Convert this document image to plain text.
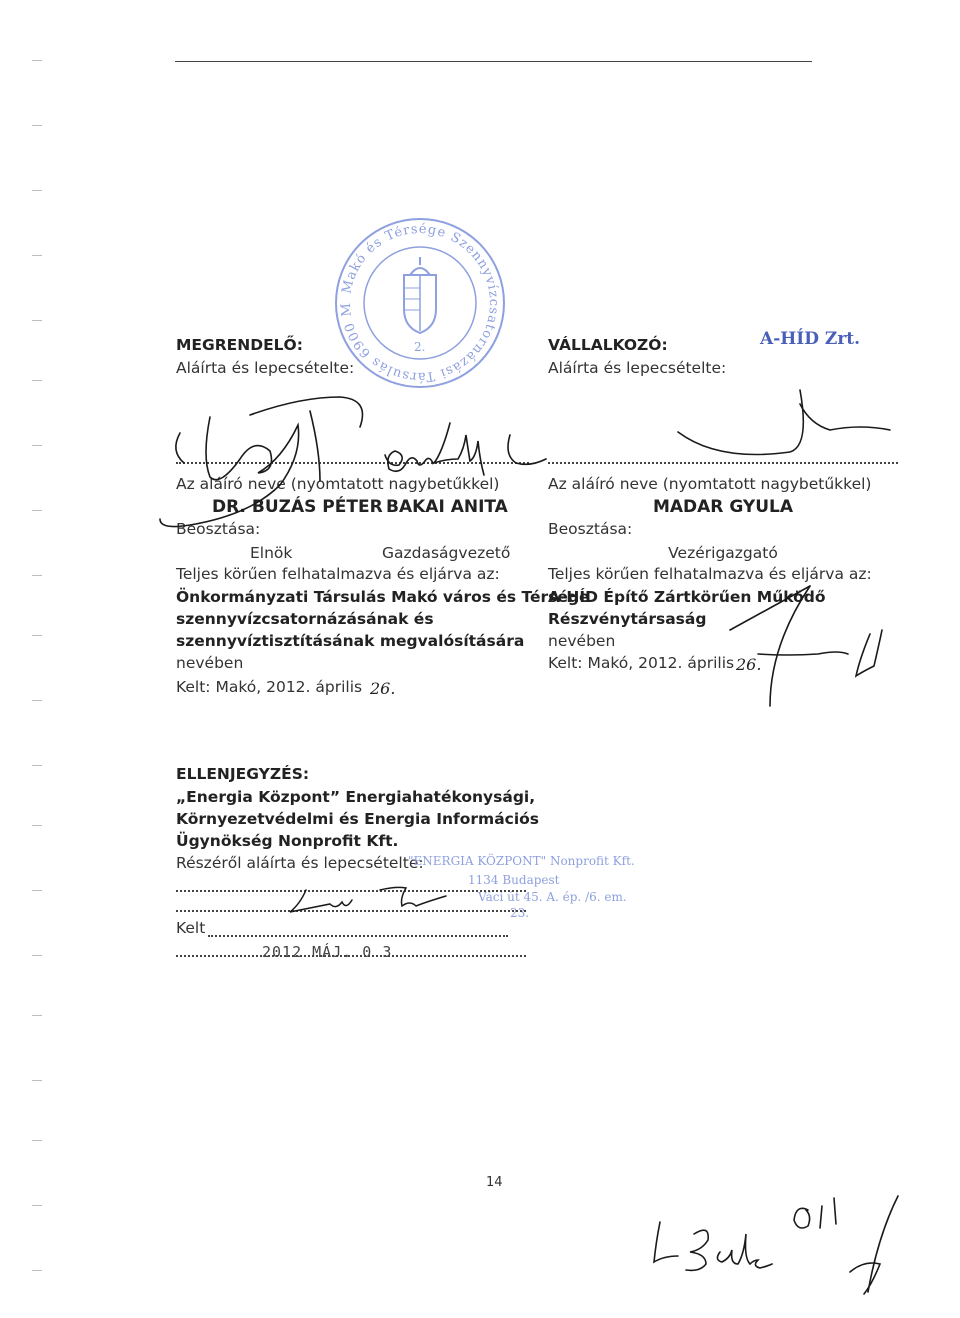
Makó és Térsége Szennyvízcsatornázási Társulás 6900 Makó, Széchenyi tér 22.
2.
MEGRENDELŐ:
Aláírta és lepecsételte:
Az aláíró neve (nyomtatott nagybetűkkel)
DR. BUZÁS PÉTER BAKAI ANITA
Beosztása:
Elnök	Gazdaságvezető
Teljes körűen felhatalmazva és eljárva az:
Önkormányzati Társulás Makó város és Térsége
szennyvízcsatornázásának és
szennyvíztisztításának megvalósítására
nevében
Kelt: Makó, 2012. április 26.
VÁLLALKOZÓ:	A-HÍD Zrt.
Aláírta és lepecsételte:
Az aláíró neve (nyomtatott nagybetűkkel)
MADAR GYULA
Beosztása:
Vezérigazgató
Teljes körűen felhatalmazva és eljárva az:
A-HÍD Építő Zártkörűen Működő
Részvénytársaság
nevében
Kelt: Makó, 2012. április 26.
ELLENJEGYZÉS:
„Energia Központ” Energiahatékonysági,
Környezetvédelmi és Energia Információs
Ügynökség Nonprofit Kft.
Részéről aláírta és lepecsételte:
"ENERGIA KÖZPONT" Nonprofit Kft.
1134 Budapest
Váci út 45. A. ép. /6. em.
23.
Kelt
2012 MÁJ. 0 3
14
